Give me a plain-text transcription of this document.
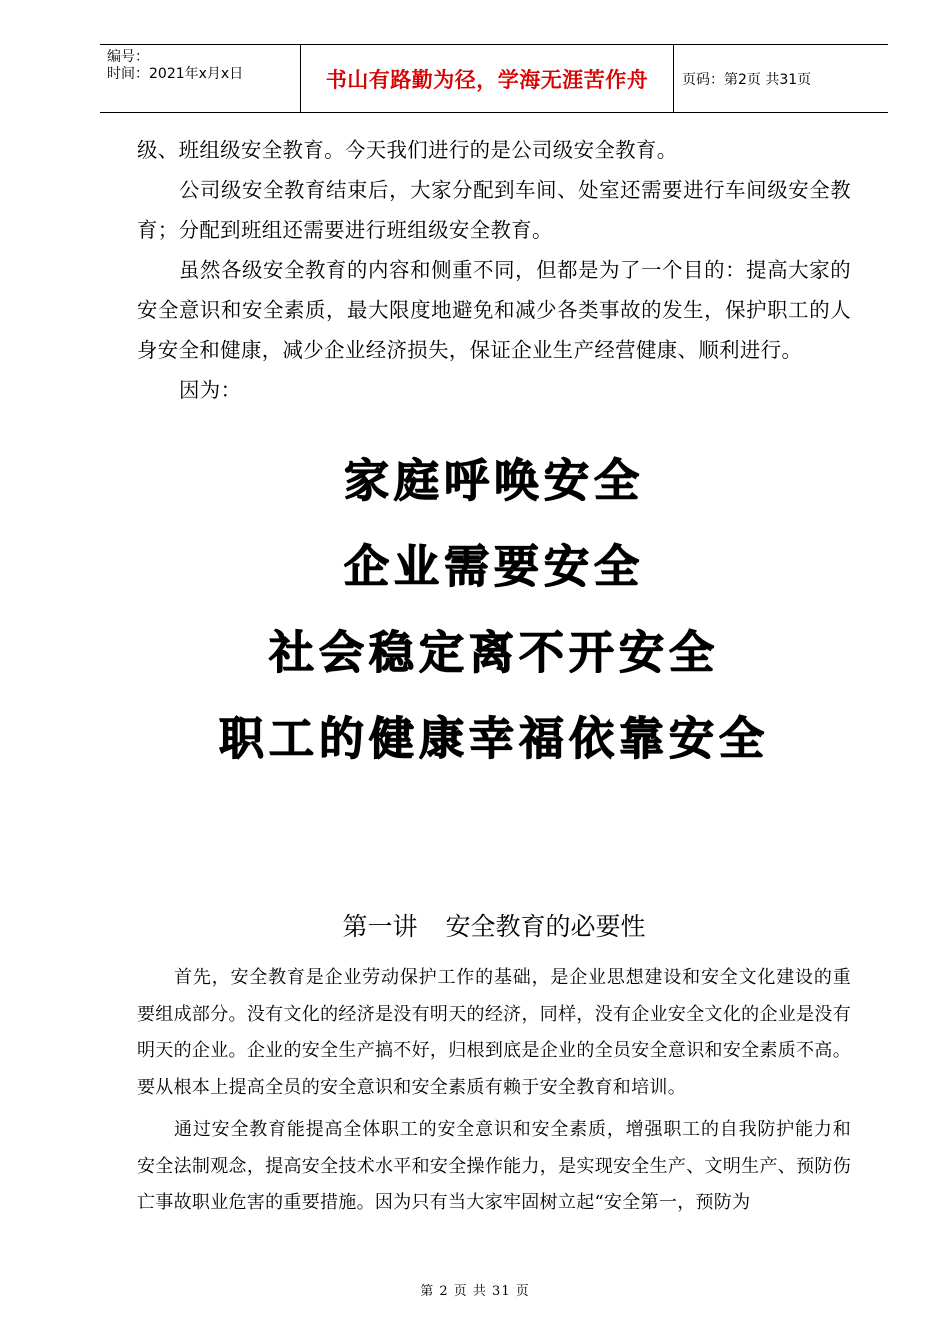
编号：
时间：2021年x月x日	书山有路勤为径，学海无涯苦作舟 页码：第2页 共31页

级、班组级安全教育。今天我们进行的是公司级安全教育。

公司级安全教育结束后，大家分配到车间、处室还需要进行车间级安全教育；分配到班组还需要进行班组级安全教育。

虽然各级安全教育的内容和侧重不同，但都是为了一个目的：提高大家的安全意识和安全素质，最大限度地避免和减少各类事故的发生，保护职工的人身安全和健康，减少企业经济损失，保证企业生产经营健康、顺利进行。

因为：

家庭呼唤安全
企业需要安全
社会稳定离不开安全
职工的健康幸福依靠安全
第一讲 安全教育的必要性

首先，安全教育是企业劳动保护工作的基础，是企业思想建设和安全文化建设的重要组成部分。没有文化的经济是没有明天的经济，同样，没有企业安全文化的企业是没有明天的企业。企业的安全生产搞不好，归根到底是企业的全员安全意识和安全素质不高。要从根本上提高全员的安全意识和安全素质有赖于安全教育和培训。

通过安全教育能提高全体职工的安全意识和安全素质，增强职工的自我防护能力和安全法制观念，提高安全技术水平和安全操作能力，是实现安全生产、文明生产、预防伤亡事故职业危害的重要措施。因为只有当大家牢固树立起“安全第一，预防为

第 2 页 共 31 页
